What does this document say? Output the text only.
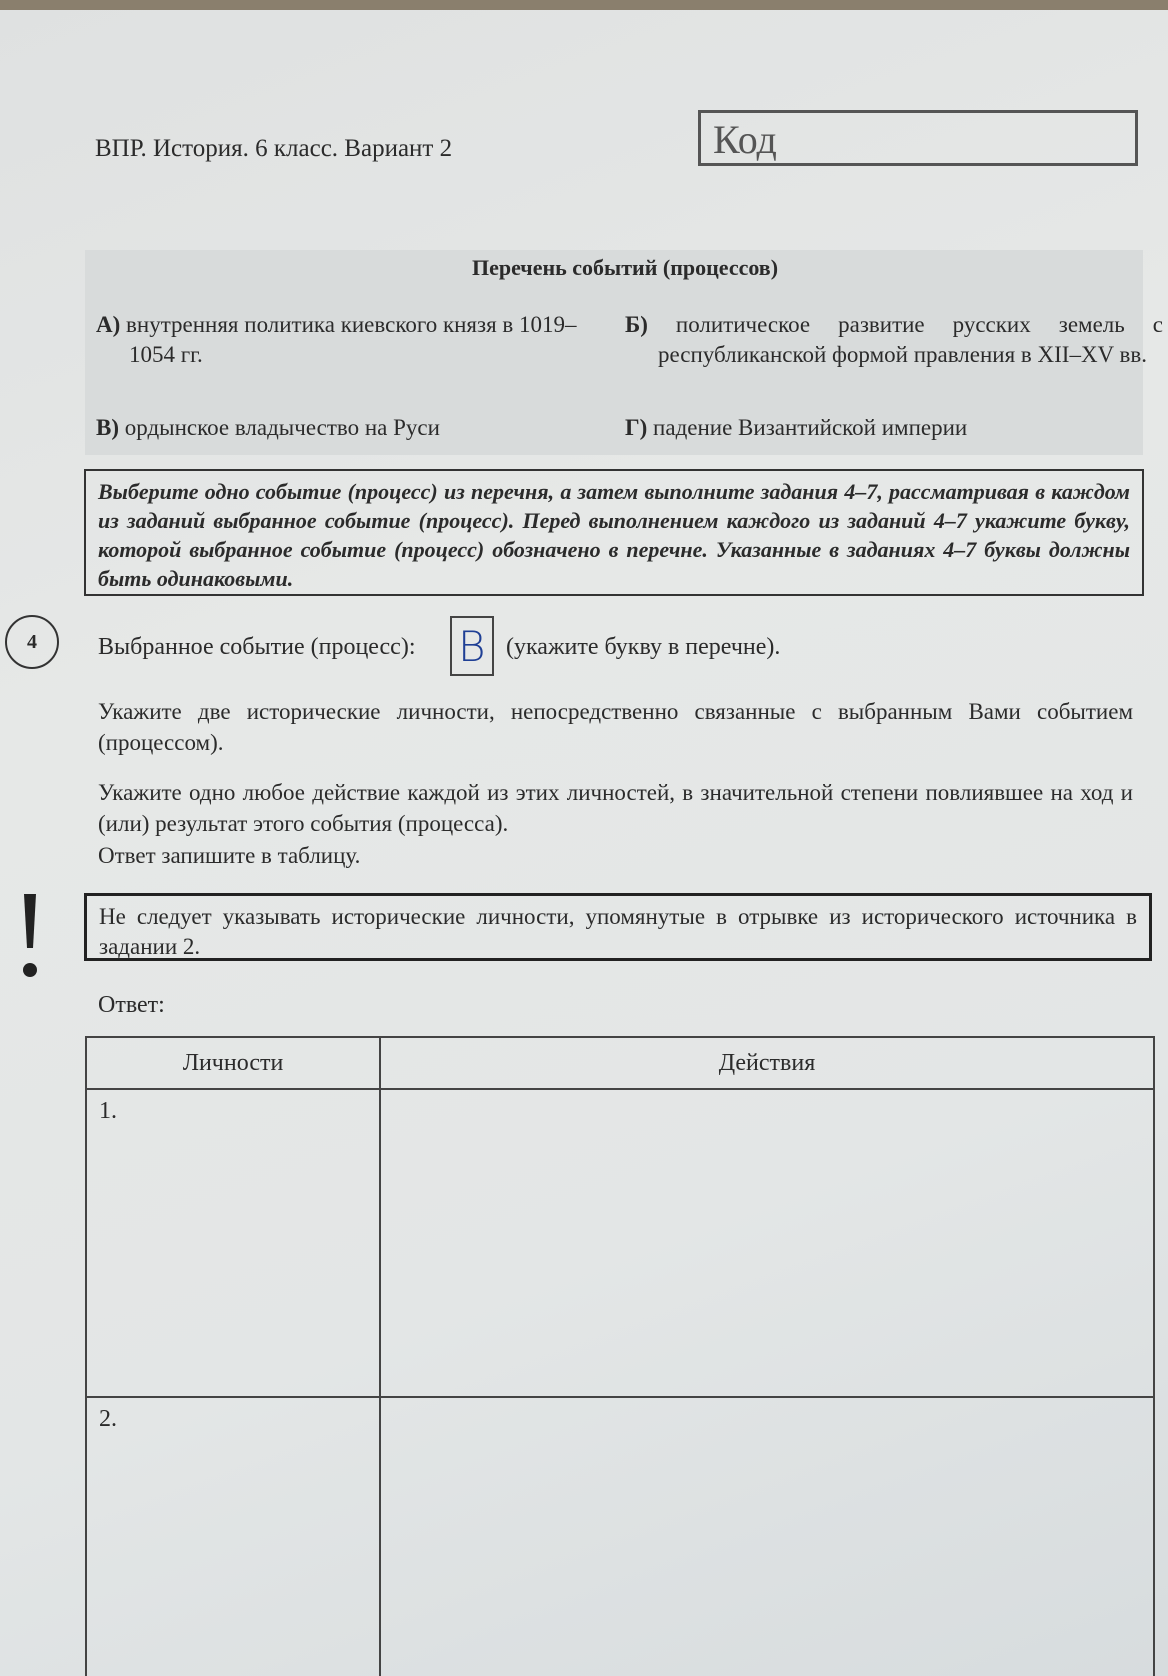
ВПР. История. 6 класс. Вариант 2	Код
Перечень событий (процессов)
А) внутренняя политика киевского князя в 1019–1054 гг.
Б) политическое развитие русских земель с республиканской формой правления в XII–XV вв.
В) ордынское владычество на Руси	Г) падение Византийской империи
Выберите одно событие (процесс) из перечня, а затем выполните задания 4–7, рассматривая в каждом из заданий выбранное событие (процесс). Перед выполнением каждого из заданий 4–7 укажите букву, которой выбранное событие (процесс) обозначено в перечне. Указанные в заданиях 4–7 буквы должны быть одинаковыми.
4	Выбранное событие (процесс): В (укажите букву в перечне).
Укажите две исторические личности, непосредственно связанные с выбранным Вами событием (процессом).
Укажите одно любое действие каждой из этих личностей, в значительной степени повлиявшее на ход и (или) результат этого события (процесса).
Ответ запишите в таблицу.
Не следует указывать исторические личности, упомянутые в отрывке из исторического источника в задании 2.
Ответ:
Личности	Действия
1.	
2.	
